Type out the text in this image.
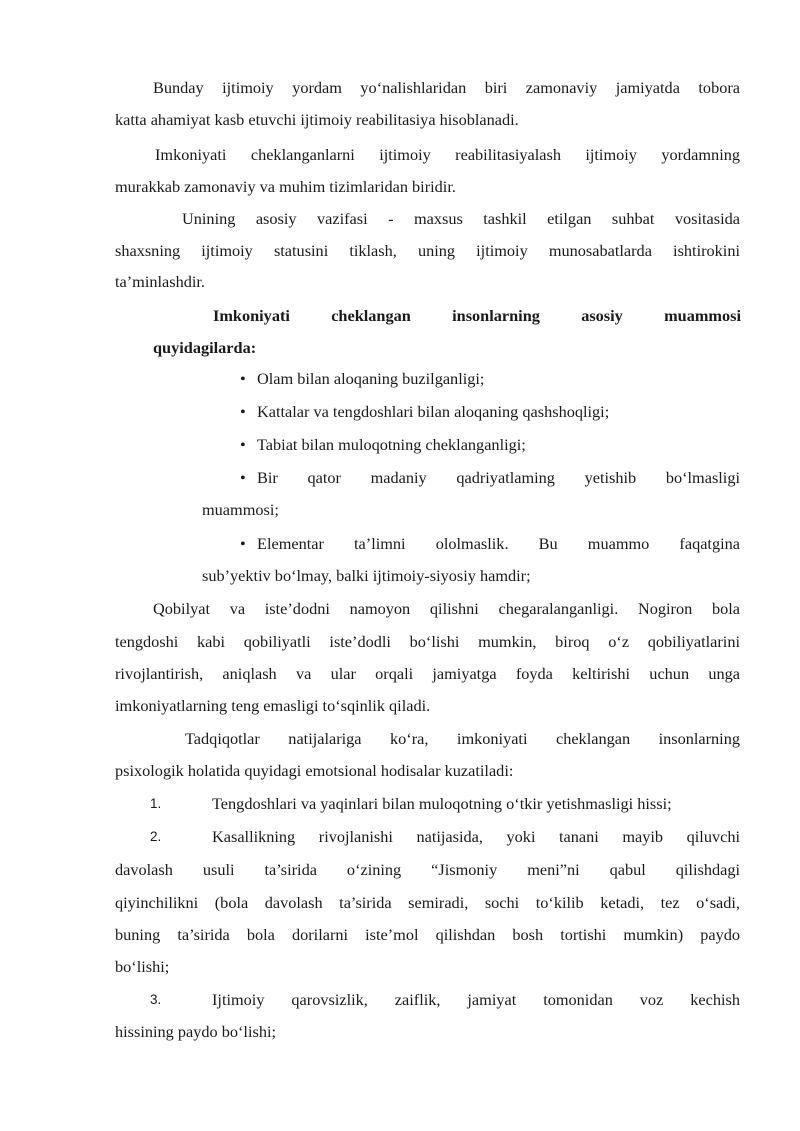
Bunday ijtimoiy yordam yo‘nalishlaridan biri zamonaviy jamiyatda tobora
katta ahamiyat kasb etuvchi ijtimoiy reabilitasiya hisoblanadi.
Imkoniyati cheklanganlarni ijtimoiy reabilitasiyalash ijtimoiy yordamning
murakkab zamonaviy va muhim tizimlaridan biridir.
Unining asosiy vazifasi - maxsus tashkil etilgan suhbat vositasida
shaxsning ijtimoiy statusini tiklash, uning ijtimoiy munosabatlarda ishtirokini
ta’minlashdir.
Imkoniyati cheklangan insonlarning asosiy muammosi
quyidagilarda:
• Olam bilan aloqaning buzilganligi;
• Kattalar va tengdoshlari bilan aloqaning qashshoqligi;
• Tabiat bilan muloqotning cheklanganligi;
• Bir qator madaniy qadriyatlaming yetishib bo‘lmasligi
muammosi;
• Elementar ta’limni ololmaslik. Bu muammo faqatgina
sub’yektiv bo‘lmay, balki ijtimoiy-siyosiy hamdir;
Qobilyat va iste’dodni namoyon qilishni chegaralanganligi. Nogiron bola
tengdoshi kabi qobiliyatli iste’dodli bo‘lishi mumkin, biroq o‘z qobiliyatlarini
rivojlantirish, aniqlash va ular orqali jamiyatga foyda keltirishi uchun unga
imkoniyatlarning teng emasligi to‘sqinlik qiladi.
Tadqiqotlar natijalariga ko‘ra, imkoniyati cheklangan insonlarning
psixologik holatida quyidagi emotsional hodisalar kuzatiladi:
1.	Tengdoshlari va yaqinlari bilan muloqotning o‘tkir yetishmasligi hissi;
2.	Kasallikning rivojlanishi natijasida, yoki tanani mayib qiluvchi
davolash usuli ta’sirida o‘zining “Jismoniy meni”ni qabul qilishdagi
qiyinchilikni (bola davolash ta’sirida semiradi, sochi to‘kilib ketadi, tez o‘sadi,
buning ta’sirida bola dorilarni iste’mol qilishdan bosh tortishi mumkin) paydo
bo‘lishi;
3.	Ijtimoiy qarovsizlik, zaiflik, jamiyat tomonidan voz kechish
hissining paydo bo‘lishi;
